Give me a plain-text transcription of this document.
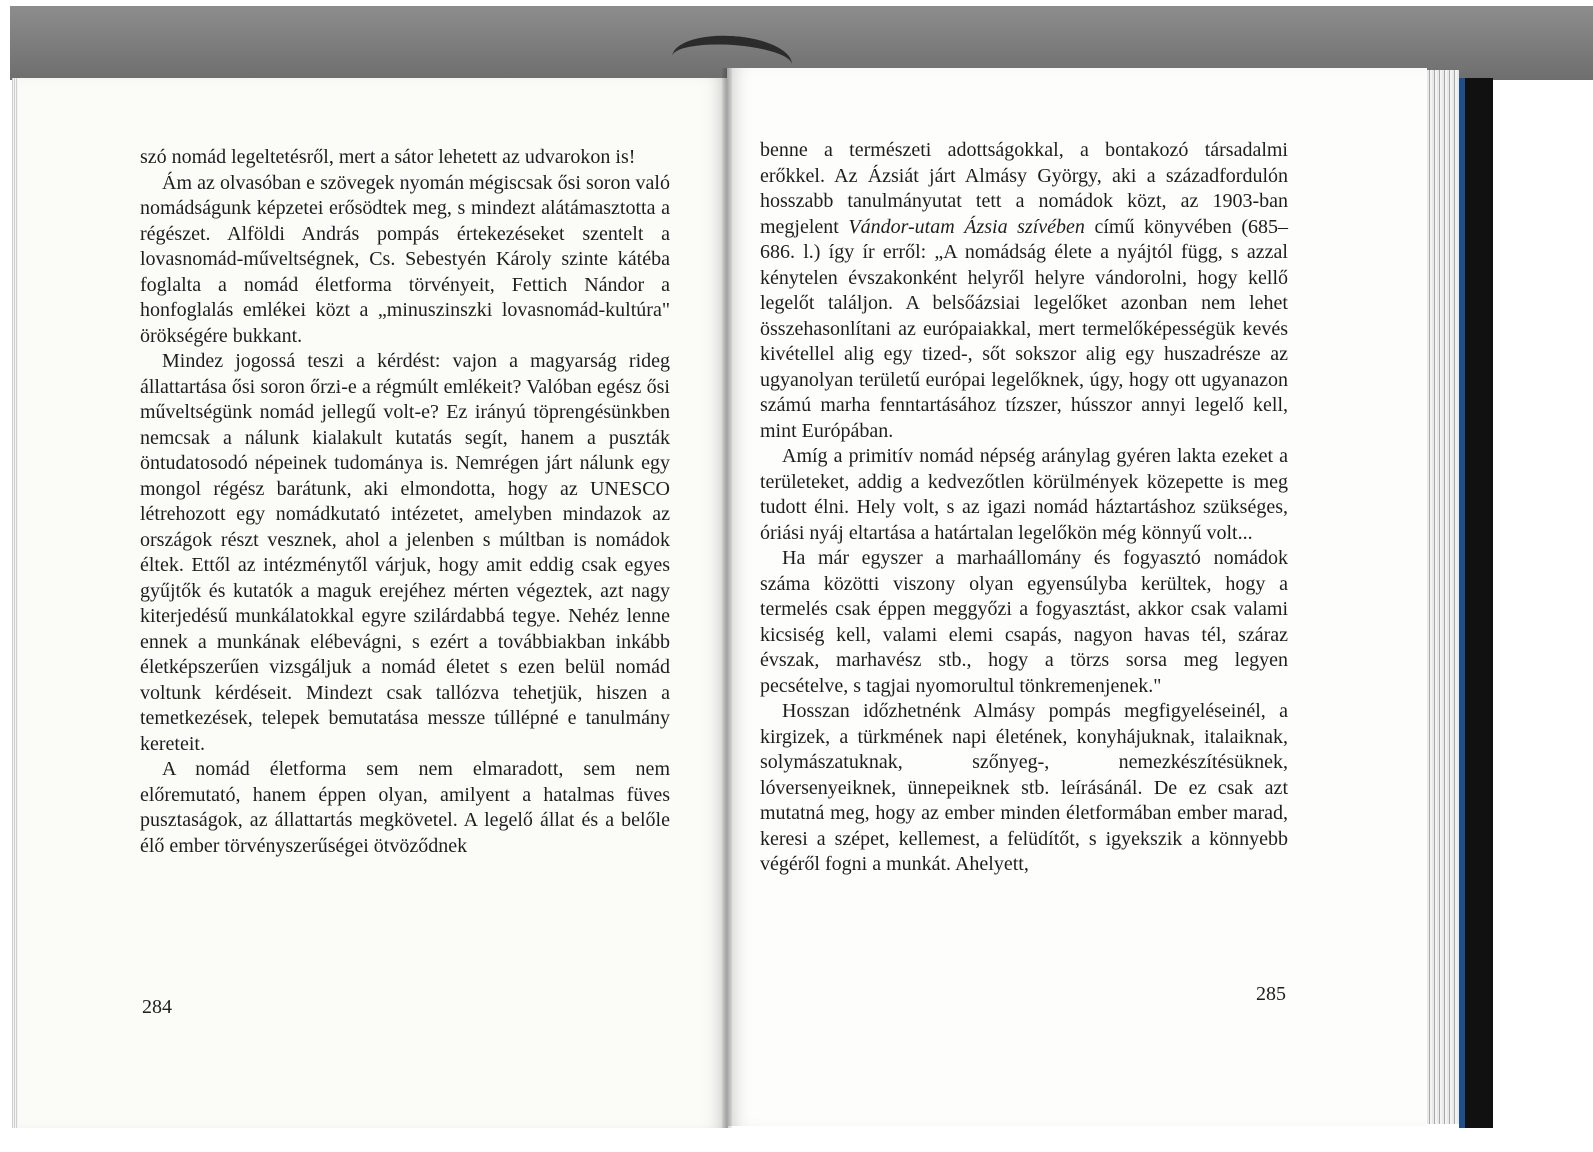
szó nomád legeltetésről, mert a sátor lehetett az udvarokon is!

Ám az olvasóban e szövegek nyomán mégiscsak ősi soron való nomádságunk képzetei erősödtek meg, s mindezt alátámasztotta a régészet. Alföldi András pompás értekezéseket szentelt a lovasnomád-műveltségnek, Cs. Sebestyén Károly szinte kátéba foglalta a nomád életforma törvényeit, Fettich Nándor a honfoglalás emlékei közt a „minuszinszki lovasnomád-kultúra" örökségére bukkant.

Mindez jogossá teszi a kérdést: vajon a magyarság rideg állattartása ősi soron őrzi-e a régmúlt emlékeit? Valóban egész ősi műveltségünk nomád jellegű volt-e? Ez irányú töprengésünkben nemcsak a nálunk kialakult kutatás segít, hanem a puszták öntudatosodó népeinek tudománya is. Nemrégen járt nálunk egy mongol régész barátunk, aki elmondotta, hogy az UNESCO létrehozott egy nomádkutató intézetet, amelyben mindazok az országok részt vesznek, ahol a jelenben s múltban is nomádok éltek. Ettől az intézménytől várjuk, hogy amit eddig csak egyes gyűjtők és kutatók a maguk erejéhez mérten végeztek, azt nagy kiterjedésű munkálatokkal egyre szilárdabbá tegye. Nehéz lenne ennek a munkának elébevágni, s ezért a továbbiakban inkább életképszerűen vizsgáljuk a nomád életet s ezen belül nomád voltunk kérdéseit. Mindezt csak tallózva tehetjük, hiszen a temetkezések, telepek bemutatása messze túllépné e tanulmány kereteit.

A nomád életforma sem nem elmaradott, sem nem előremutató, hanem éppen olyan, amilyent a hatalmas füves pusztaságok, az állattartás megkövetel. A legelő állat és a belőle élő ember törvényszerűségei ötvöződnek

284

benne a természeti adottságokkal, a bontakozó társadalmi erőkkel. Az Ázsiát járt Almásy György, aki a századfordulón hosszabb tanulmányutat tett a nomádok közt, az 1903-ban megjelent Vándor-utam Ázsia szívében című könyvében (685–686. l.) így ír erről: „A nomádság élete a nyájtól függ, s azzal kénytelen évszakonként helyről helyre vándorolni, hogy kellő legelőt találjon. A belsőázsiai legelőket azonban nem lehet összehasonlítani az európaiakkal, mert termelőképességük kevés kivétellel alig egy tized-, sőt sokszor alig egy huszadrésze az ugyanolyan területű európai legelőknek, úgy, hogy ott ugyanazon számú marha fenntartásához tízszer, hússzor annyi legelő kell, mint Európában.

Amíg a primitív nomád népség aránylag gyéren lakta ezeket a területeket, addig a kedvezőtlen körülmények közepette is meg tudott élni. Hely volt, s az igazi nomád háztartáshoz szükséges, óriási nyáj eltartása a határtalan legelőkön még könnyű volt...

Ha már egyszer a marhaállomány és fogyasztó nomádok száma közötti viszony olyan egyensúlyba kerültek, hogy a termelés csak éppen meggyőzi a fogyasztást, akkor csak valami kicsiség kell, valami elemi csapás, nagyon havas tél, száraz évszak, marhavész stb., hogy a törzs sorsa meg legyen pecsételve, s tagjai nyomorultul tönkremenjenek."

Hosszan időzhetnénk Almásy pompás megfigyeléseinél, a kirgizek, a türkmének napi életének, konyhájuknak, italaiknak, solymászatuknak, szőnyeg-, nemezkészítésüknek, lóversenyeiknek, ünnepeiknek stb. leírásánál. De ez csak azt mutatná meg, hogy az ember minden életformában ember marad, keresi a szépet, kellemest, a felüdítőt, s igyekszik a könnyebb végéről fogni a munkát. Ahelyett,

285
